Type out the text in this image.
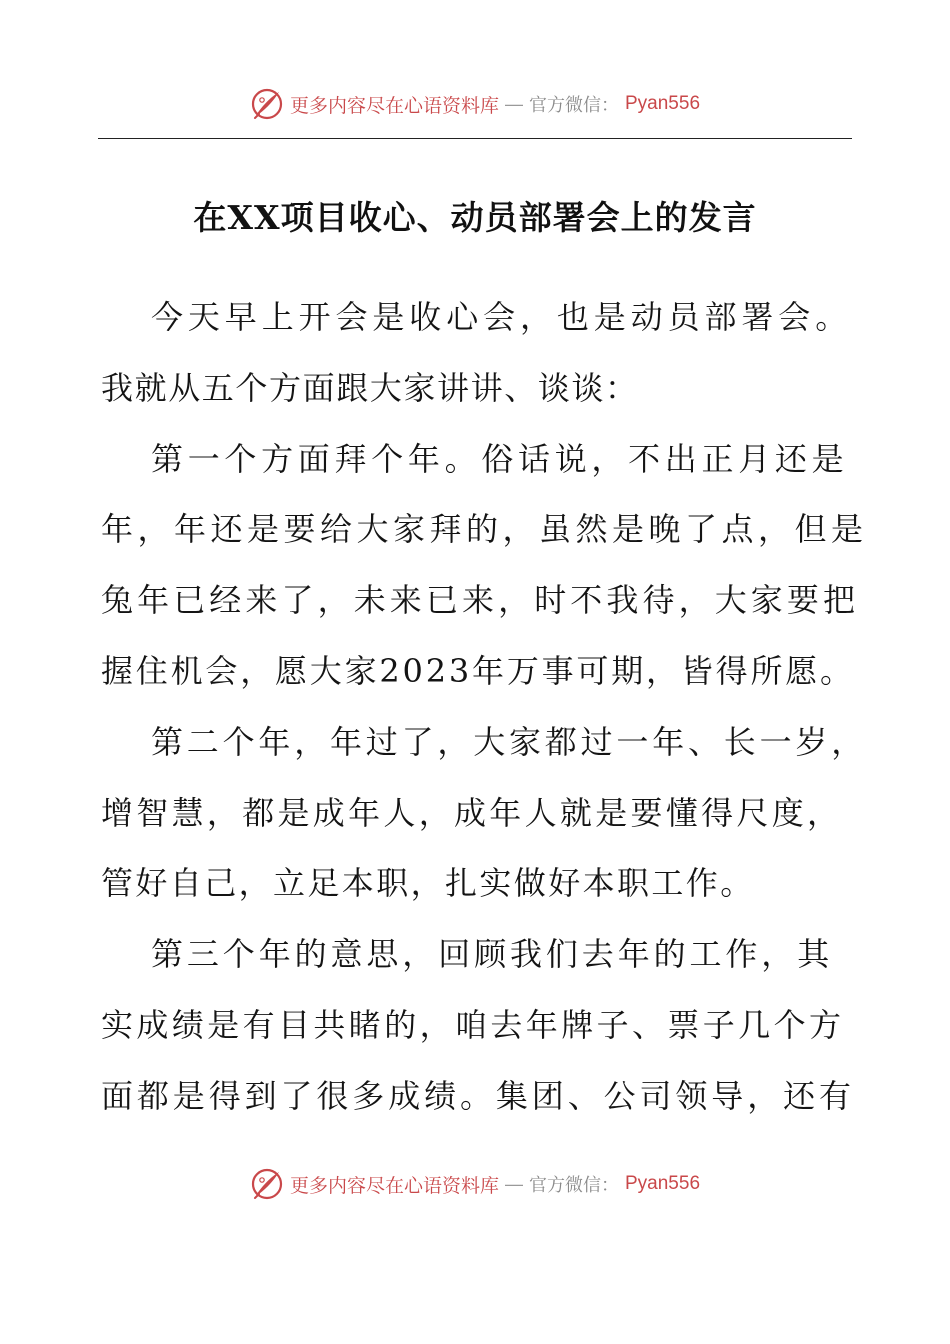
更多内容尽在心语资料库 — 官方微信： Pyan556
在XX项目收心、动员部署会上的发言
今天早上开会是收心会，也是动员部署会。
我就从五个方面跟大家讲讲、谈谈：
第一个方面拜个年。俗话说，不出正月还是
年，年还是要给大家拜的，虽然是晚了点，但是
兔年已经来了，未来已来，时不我待，大家要把
握住机会，愿大家2023年万事可期，皆得所愿。
第二个年，年过了，大家都过一年、长一岁，
增智慧，都是成年人，成年人就是要懂得尺度，
管好自己，立足本职，扎实做好本职工作。
第三个年的意思，回顾我们去年的工作，其
实成绩是有目共睹的，咱去年牌子、票子几个方
面都是得到了很多成绩。集团、公司领导，还有
更多内容尽在心语资料库 — 官方微信： Pyan556
